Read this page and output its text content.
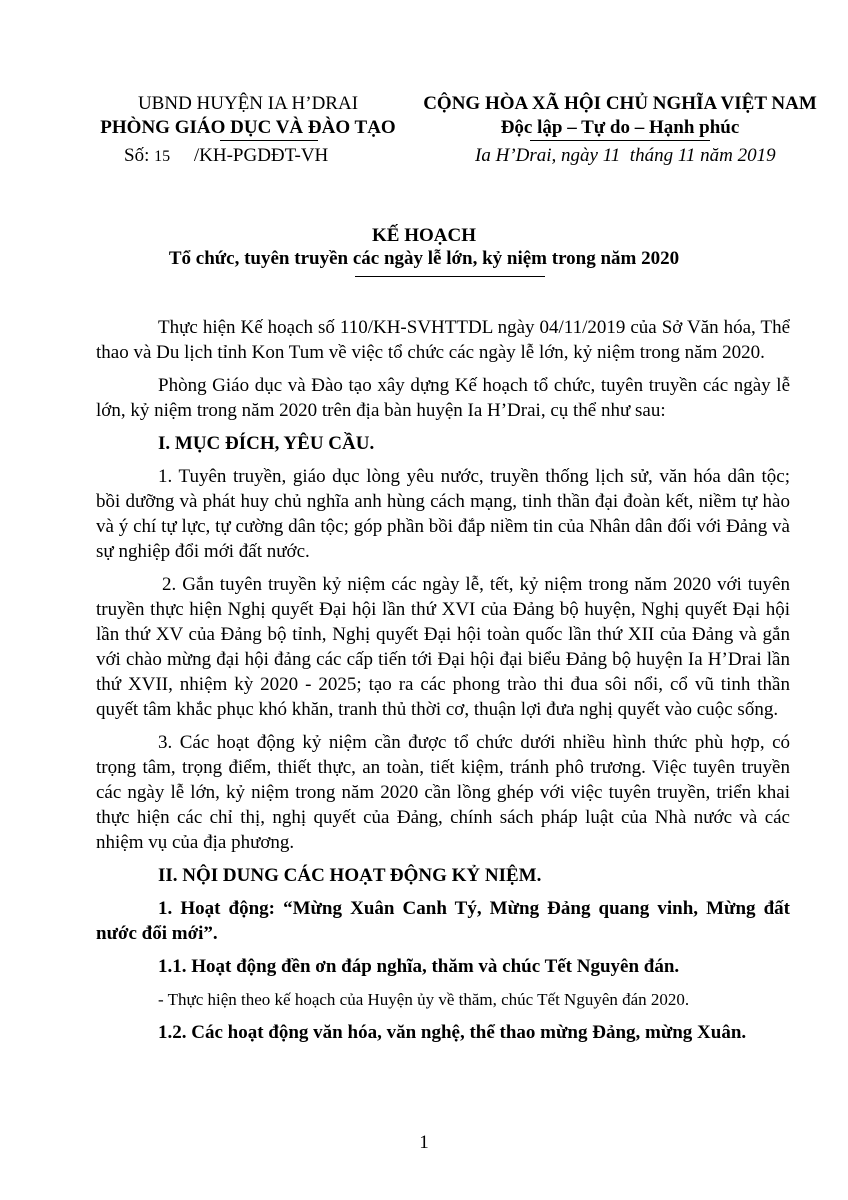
UBND HUYỆN IA H’DRAI
PHÒNG GIÁO DỤC VÀ ĐÀO TẠO
CỘNG HÒA XÃ HỘI CHỦ NGHĨA VIỆT NAM
Độc lập – Tự do – Hạnh phúc
Số: 15     /KH-PGDĐT-VH	Ia H’Drai, ngày 11  tháng 11 năm 2019
KẾ HOẠCH
Tổ chức, tuyên truyền các ngày lễ lớn, kỷ niệm trong năm 2020

Thực hiện Kế hoạch số 110/KH-SVHTTDL ngày 04/11/2019 của Sở Văn hóa, Thể thao và Du lịch tỉnh Kon Tum về việc tổ chức các ngày lễ lớn, kỷ niệm trong năm 2020.

Phòng Giáo dục và Đào tạo xây dựng Kế hoạch tổ chức, tuyên truyền các ngày lễ lớn, kỷ niệm trong năm 2020 trên địa bàn huyện Ia H’Drai, cụ thể như sau:

I. MỤC ĐÍCH, YÊU CẦU.

1. Tuyên truyền, giáo dục lòng yêu nước, truyền thống lịch sử, văn hóa dân tộc; bồi dưỡng và phát huy chủ nghĩa anh hùng cách mạng, tinh thần đại đoàn kết, niềm tự hào và ý chí tự lực, tự cường dân tộc; góp phần bồi đắp niềm tin của Nhân dân đối với Đảng và sự nghiệp đổi mới đất nước.

2. Gắn tuyên truyền kỷ niệm các ngày lễ, tết, kỷ niệm trong năm 2020 với tuyên truyền thực hiện Nghị quyết Đại hội lần thứ XVI của Đảng bộ huyện, Nghị quyết Đại hội lần thứ XV của Đảng bộ tỉnh, Nghị quyết Đại hội toàn quốc lần thứ XII của Đảng và gắn với chào mừng đại hội đảng các cấp tiến tới Đại hội đại biểu Đảng bộ huyện Ia H’Drai lần thứ XVII, nhiệm kỳ 2020 - 2025; tạo ra các phong trào thi đua sôi nổi, cổ vũ tinh thần quyết tâm khắc phục khó khăn, tranh thủ thời cơ, thuận lợi đưa nghị quyết vào cuộc sống.

3. Các hoạt động kỷ niệm cần được tổ chức dưới nhiều hình thức phù hợp, có trọng tâm, trọng điểm, thiết thực, an toàn, tiết kiệm, tránh phô trương. Việc tuyên truyền các ngày lễ lớn, kỷ niệm trong năm 2020 cần lồng ghép với việc tuyên truyền, triển khai thực hiện các chỉ thị, nghị quyết của Đảng, chính sách pháp luật của Nhà nước và các nhiệm vụ của địa phương.

II. NỘI DUNG CÁC HOẠT ĐỘNG KỶ NIỆM.

1. Hoạt động: “Mừng Xuân Canh Tý, Mừng Đảng quang vinh, Mừng đất nước đổi mới”.

1.1. Hoạt động đền ơn đáp nghĩa, thăm và chúc Tết Nguyên đán.

- Thực hiện theo kế hoạch của Huyện ủy về thăm, chúc Tết Nguyên đán 2020.

1.2. Các hoạt động văn hóa, văn nghệ, thể thao mừng Đảng, mừng Xuân.

1
